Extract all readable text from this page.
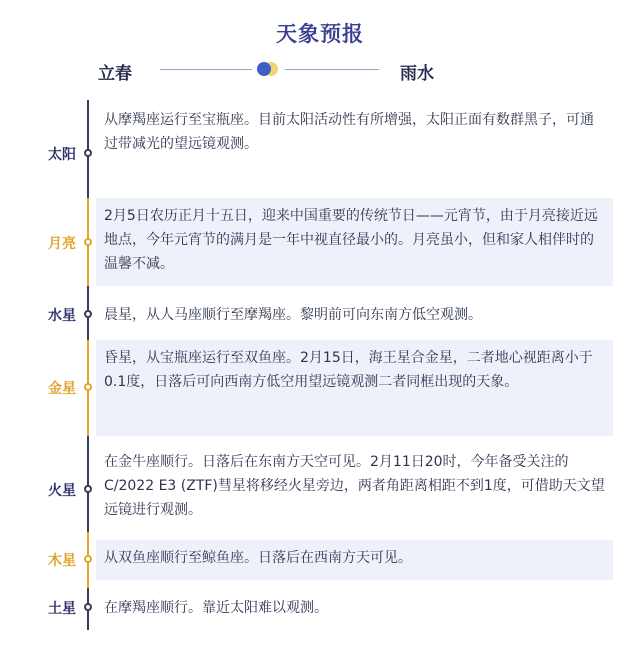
天象预报
立春	雨水
从摩羯座运行至宝瓶座。目前太阳活动性有所增强，太阳正面有数群黑子，可通过带减光的望远镜观测。
太阳
2月5日农历正月十五日，迎来中国重要的传统节日——元宵节，由于月亮接近远地点，今年元宵节的满月是一年中视直径最小的。月亮虽小，但和家人相伴时的温馨不减。
月亮
晨星，从人马座顺行至摩羯座。黎明前可向东南方低空观测。
水星
昏星，从宝瓶座运行至双鱼座。2月15日，海王星合金星，二者地心视距离小于0.1度，日落后可向西南方低空用望远镜观测二者同框出现的天象。
金星
在金牛座顺行。日落后在东南方天空可见。2月11日20时，今年备受关注的C/2022 E3 (ZTF)彗星将移经火星旁边，两者角距离相距不到1度，可借助天文望远镜进行观测。
火星
从双鱼座顺行至鲸鱼座。日落后在西南方天可见。
木星
在摩羯座顺行。靠近太阳难以观测。
土星
